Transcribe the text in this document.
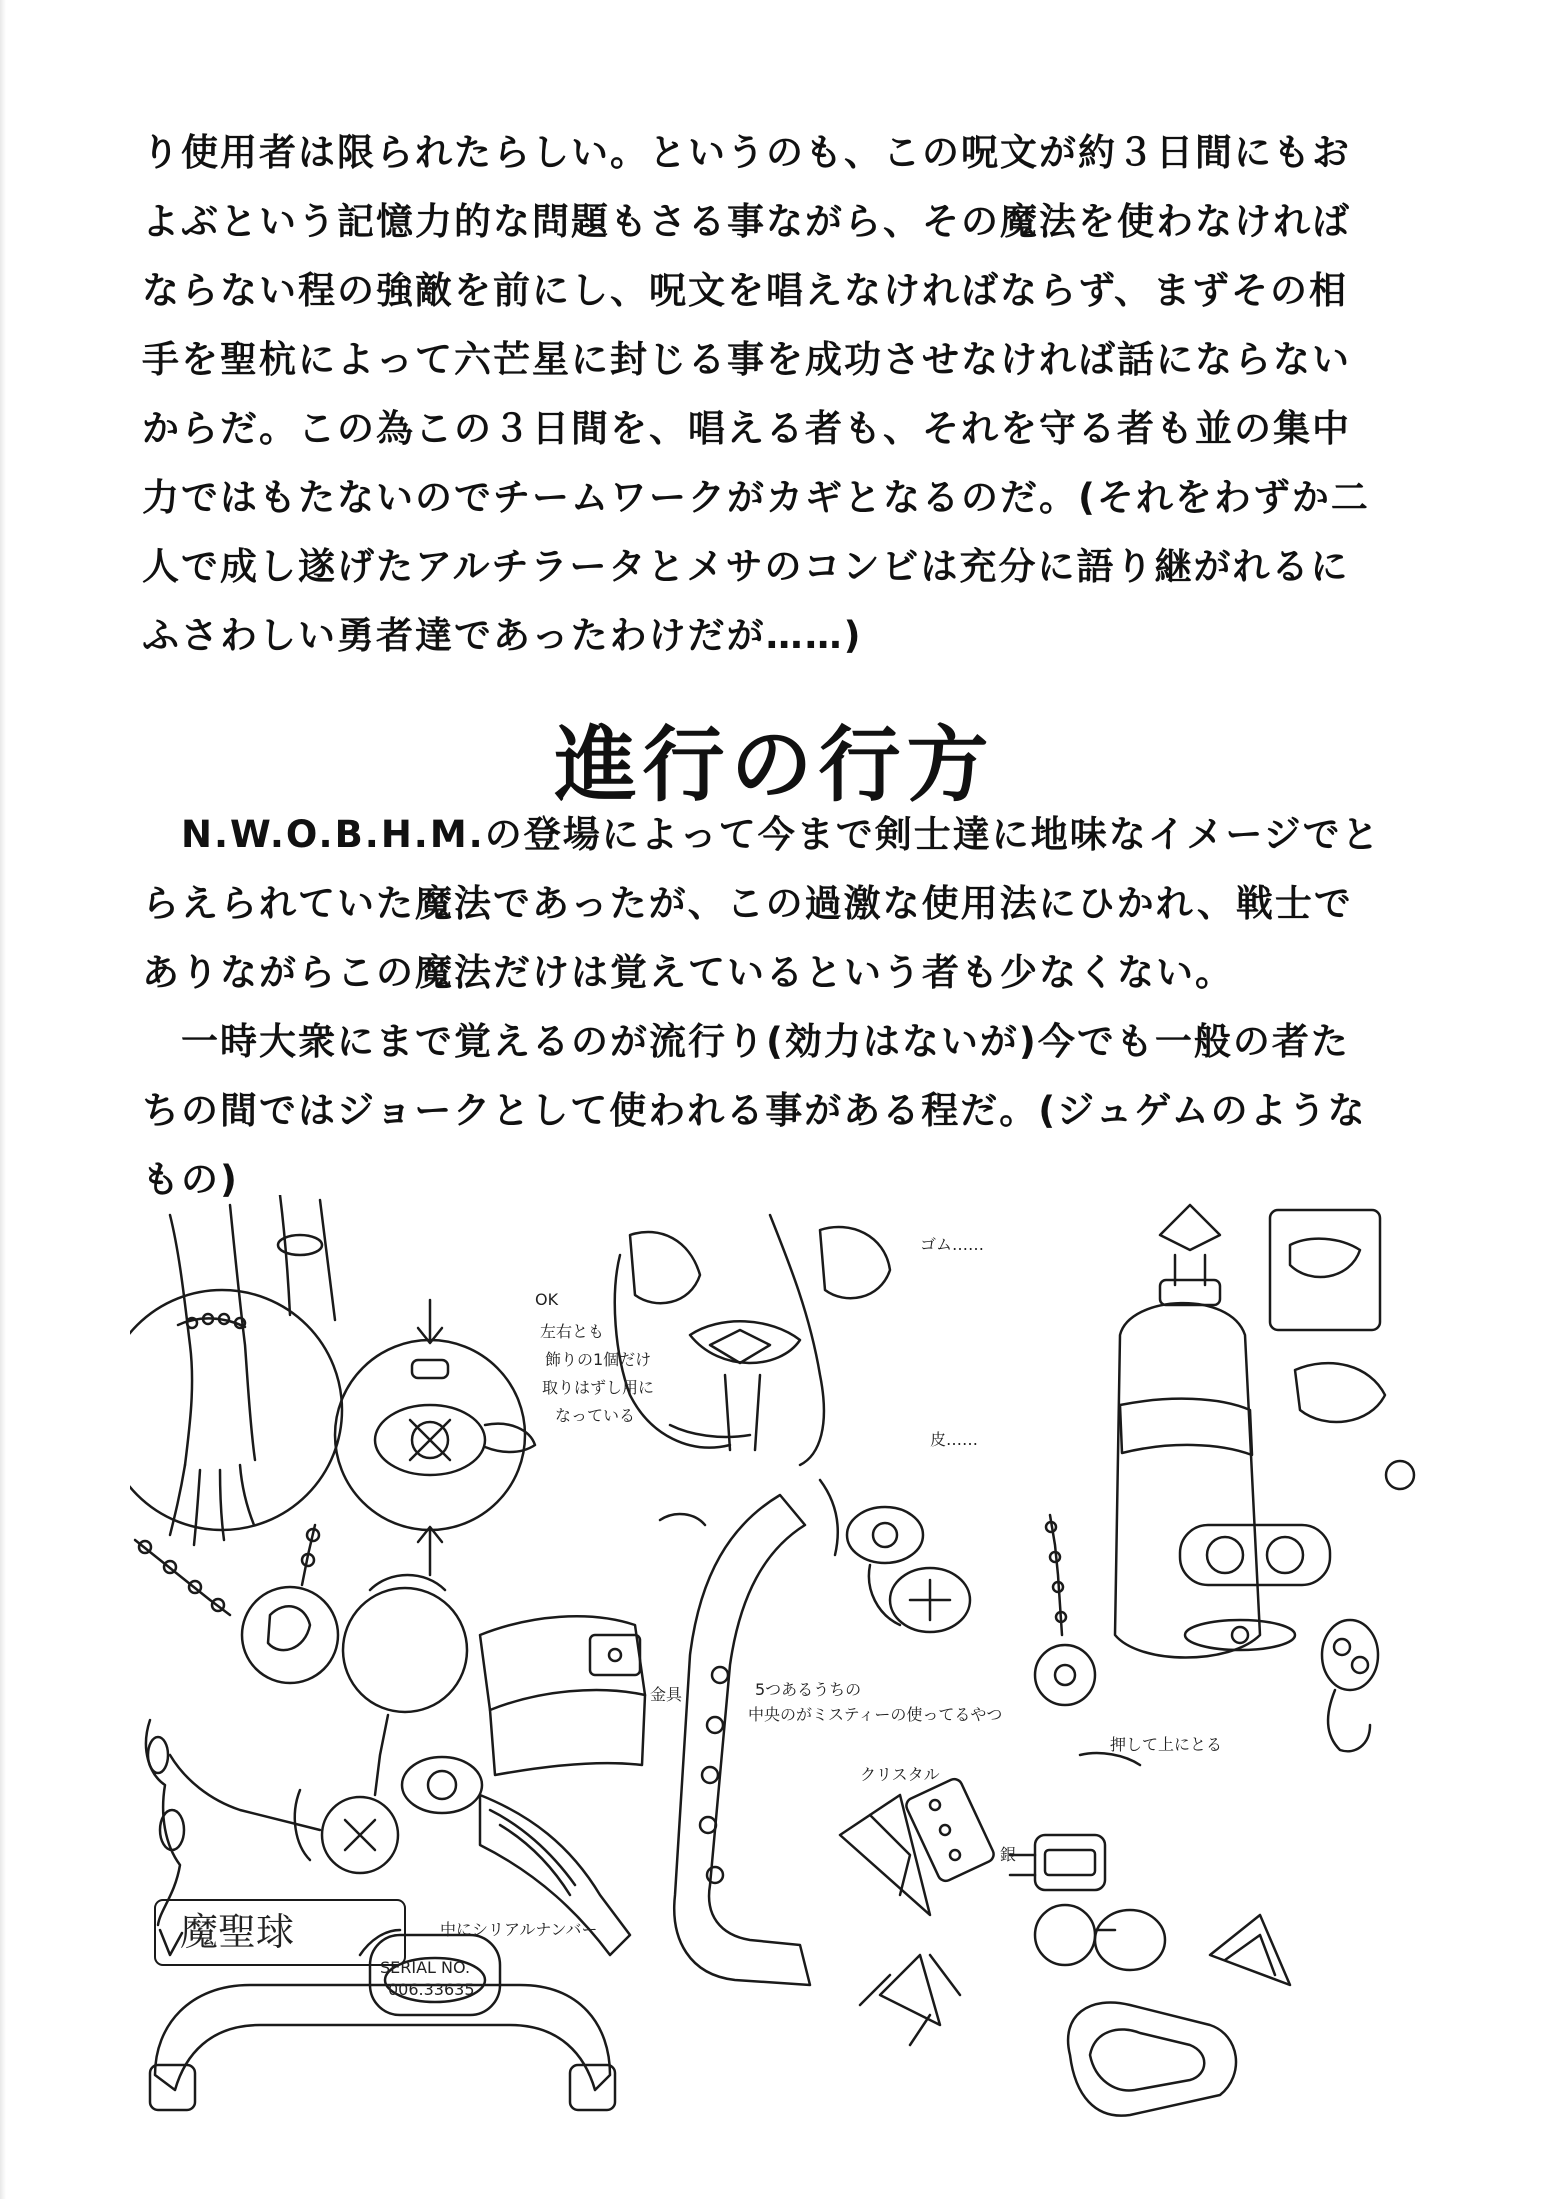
り使用者は限られたらしい。というのも、この呪文が約３日間にもお
よぶという記憶力的な問題もさる事ながら、その魔法を使わなければ
ならない程の強敵を前にし、呪文を唱えなければならず、まずその相
手を聖杭によって六芒星に封じる事を成功させなければ話にならない
からだ。この為この３日間を、唱える者も、それを守る者も並の集中
力ではもたないのでチームワークがカギとなるのだ。(それをわずか二
人で成し遂げたアルチラータとメサのコンビは充分に語り継がれるに
ふさわしい勇者達であったわけだが……)
進行の行方
　N.W.O.B.H.M.の登場によって今まで剣士達に地味なイメージでと
らえられていた魔法であったが、この過激な使用法にひかれ、戦士で
ありながらこの魔法だけは覚えているという者も少なくない。
　一時大衆にまで覚えるのが流行り(効力はないが)今でも一般の者た
ちの間ではジョークとして使われる事がある程だ。(ジュゲムのような
もの)
OK
左右とも
飾りの1個だけ
取りはずし用に
なっている
ゴム……
皮……
金具	5つあるうちの
中央のがミスティーの使ってるやつ
押して上にとる
クリスタル
銀
中にシリアルナンバー
SERIAL NO.
006.33635
魔聖球
